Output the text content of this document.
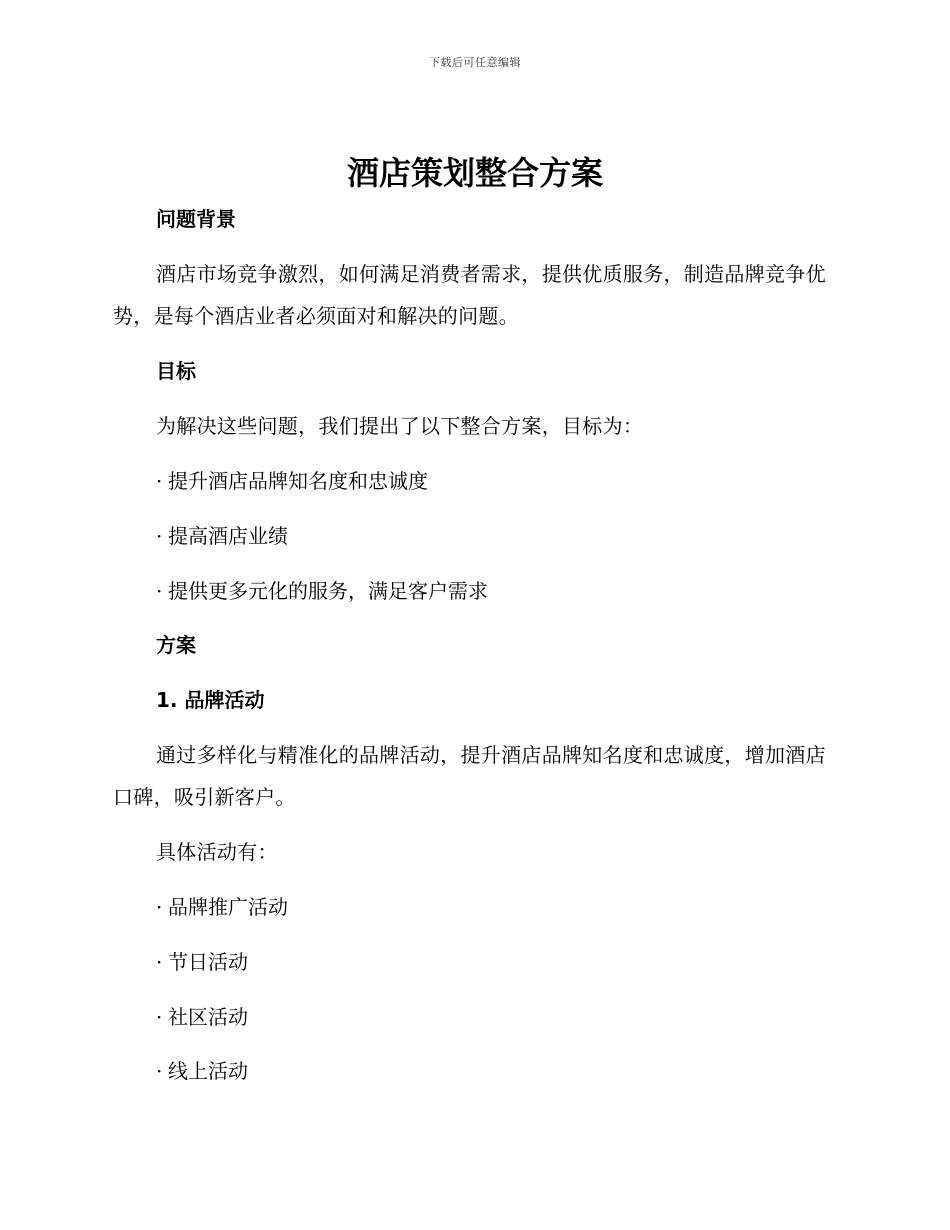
下载后可任意编辑
酒店策划整合方案
问题背景

酒店市场竞争激烈，如何满足消费者需求，提供优质服务，制造品牌竞争优势，是每个酒店业者必须面对和解决的问题。

目标

为解决这些问题，我们提出了以下整合方案，目标为：

· 提升酒店品牌知名度和忠诚度
· 提高酒店业绩
· 提供更多元化的服务，满足客户需求
方案
1. 品牌活动

通过多样化与精准化的品牌活动，提升酒店品牌知名度和忠诚度，增加酒店口碑，吸引新客户。

具体活动有：

· 品牌推广活动
· 节日活动
· 社区活动
· 线上活动
